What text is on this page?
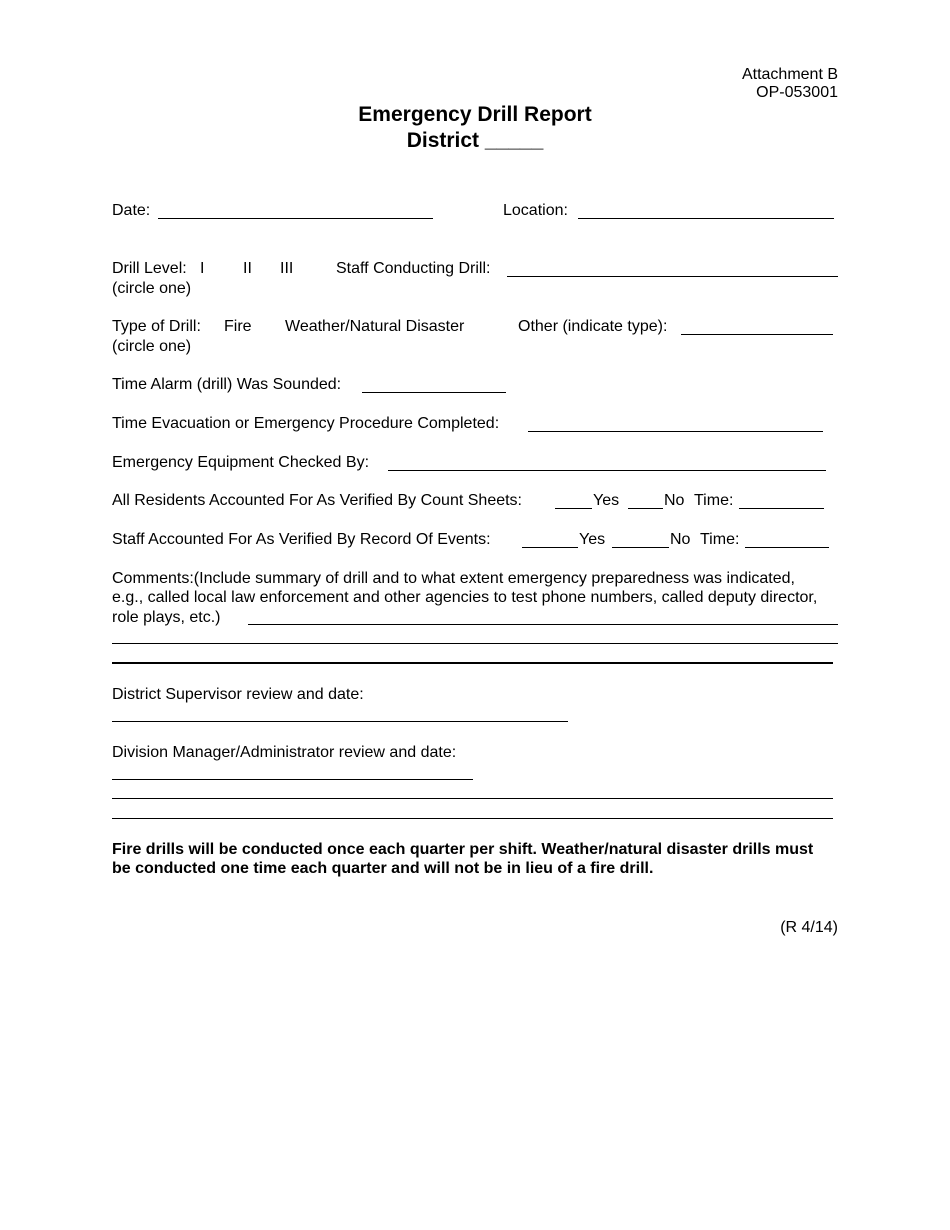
Attachment B
OP-053001
Emergency Drill Report
District _____
Date:	Location:
Drill Level: I II III	Staff Conducting Drill:
(circle one)
Type of Drill: Fire Weather/Natural Disaster	Other (indicate type):
(circle one)
Time Alarm (drill) Was Sounded:
Time Evacuation or Emergency Procedure Completed:
Emergency Equipment Checked By:
All Residents Accounted For As Verified By Count Sheets:	Yes	No Time:
Staff Accounted For As Verified By Record Of Events:	Yes	No Time:
Comments:(Include summary of drill and to what extent emergency preparedness was indicated,
e.g., called local law enforcement and other agencies to test phone numbers, called deputy director,
role plays, etc.)
District Supervisor review and date:
Division Manager/Administrator review and date:
Fire drills will be conducted once each quarter per shift. Weather/natural disaster drills must
be conducted one time each quarter and will not be in lieu of a fire drill.
(R 4/14)
